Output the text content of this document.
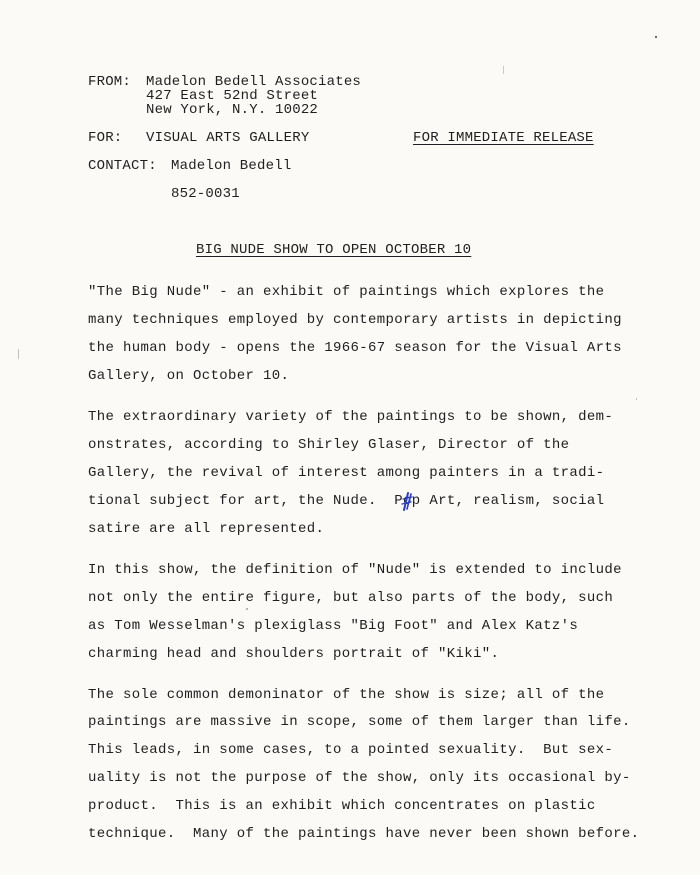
FROM: Madelon Bedell Associates
427 East 52nd Street
New York, N.Y. 10022
FOR: VISUAL ARTS GALLERY	FOR IMMEDIATE RELEASE
CONTACT: Madelon Bedell
852-0031
BIG NUDE SHOW TO OPEN OCTOBER 10
"The Big Nude" - an exhibit of paintings which explores the
many techniques employed by contemporary artists in depicting
the human body - opens the 1966-67 season for the Visual Arts
Gallery, on October 10.
The extraordinary variety of the paintings to be shown, dem-
onstrates, according to Shirley Glaser, Director of the
Gallery, the revival of interest among painters in a tradi-
tional subject for art, the Nude.  Pop Art, realism, social
satire are all represented.
In this show, the definition of "Nude" is extended to include
not only the entire figure, but also parts of the body, such
as Tom Wesselman's plexiglass "Big Foot" and Alex Katz's
charming head and shoulders portrait of "Kiki".
The sole common demoninator of the show is size; all of the
paintings are massive in scope, some of them larger than life.
This leads, in some cases, to a pointed sexuality.  But sex-
uality is not the purpose of the show, only its occasional by-
product.  This is an exhibit which concentrates on plastic
technique.  Many of the paintings have never been shown before.
